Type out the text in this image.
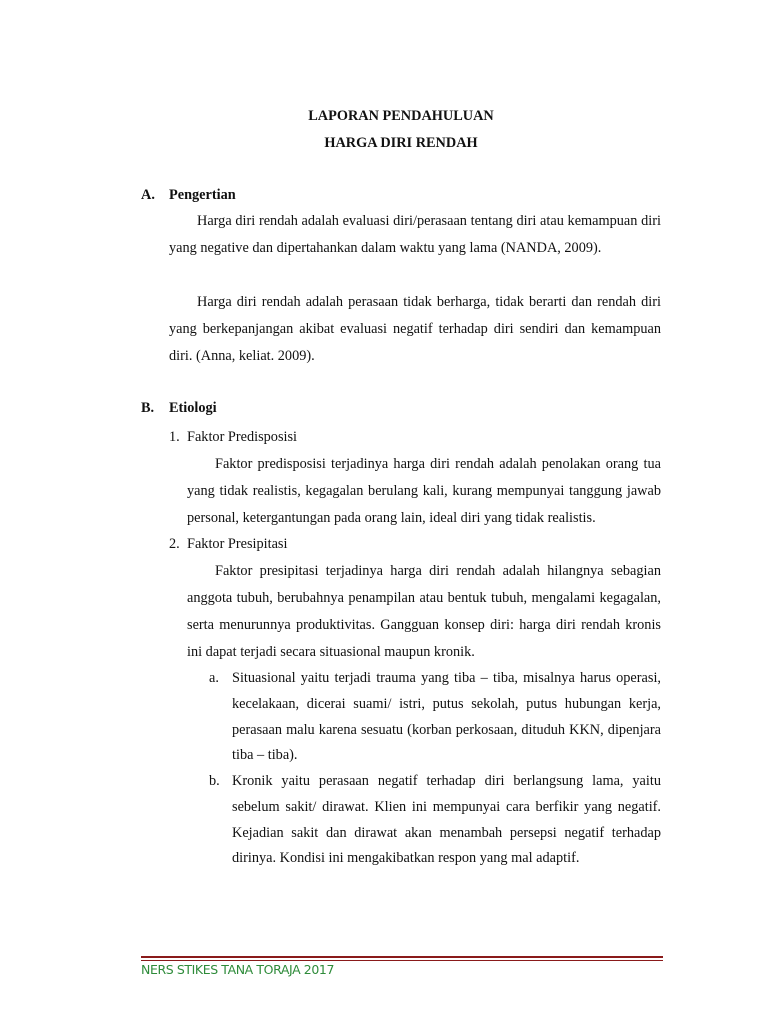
LAPORAN PENDAHULUAN

HARGA DIRI RENDAH

A. Pengertian

Harga diri rendah adalah evaluasi diri/perasaan tentang diri atau kemampuan diri yang negative dan dipertahankan dalam waktu yang lama (NANDA, 2009).

Harga diri rendah adalah perasaan tidak berharga, tidak berarti dan rendah diri yang berkepanjangan akibat evaluasi negatif terhadap diri sendiri dan kemampuan diri. (Anna, keliat. 2009).

B. Etiologi

1. Faktor Predisposisi

Faktor predisposisi terjadinya harga diri rendah adalah penolakan orang tua yang tidak realistis, kegagalan berulang kali, kurang mempunyai tanggung jawab personal, ketergantungan pada orang lain, ideal diri yang tidak realistis.

2. Faktor Presipitasi

Faktor presipitasi terjadinya harga diri rendah adalah hilangnya sebagian anggota tubuh, berubahnya penampilan atau bentuk tubuh, mengalami kegagalan, serta menurunnya produktivitas. Gangguan konsep diri: harga diri rendah kronis ini dapat terjadi secara situasional maupun kronik.

a. Situasional yaitu terjadi trauma yang tiba – tiba, misalnya harus operasi, kecelakaan, dicerai suami/ istri, putus sekolah, putus hubungan kerja, perasaan malu karena sesuatu (korban perkosaan, dituduh KKN, dipenjara tiba – tiba).
b. Kronik yaitu perasaan negatif terhadap diri berlangsung lama, yaitu sebelum sakit/ dirawat. Klien ini mempunyai cara berfikir yang negatif. Kejadian sakit dan dirawat akan menambah persepsi negatif terhadap dirinya. Kondisi ini mengakibatkan respon yang mal adaptif.
NERS STIKES TANA TORAJA 2017
